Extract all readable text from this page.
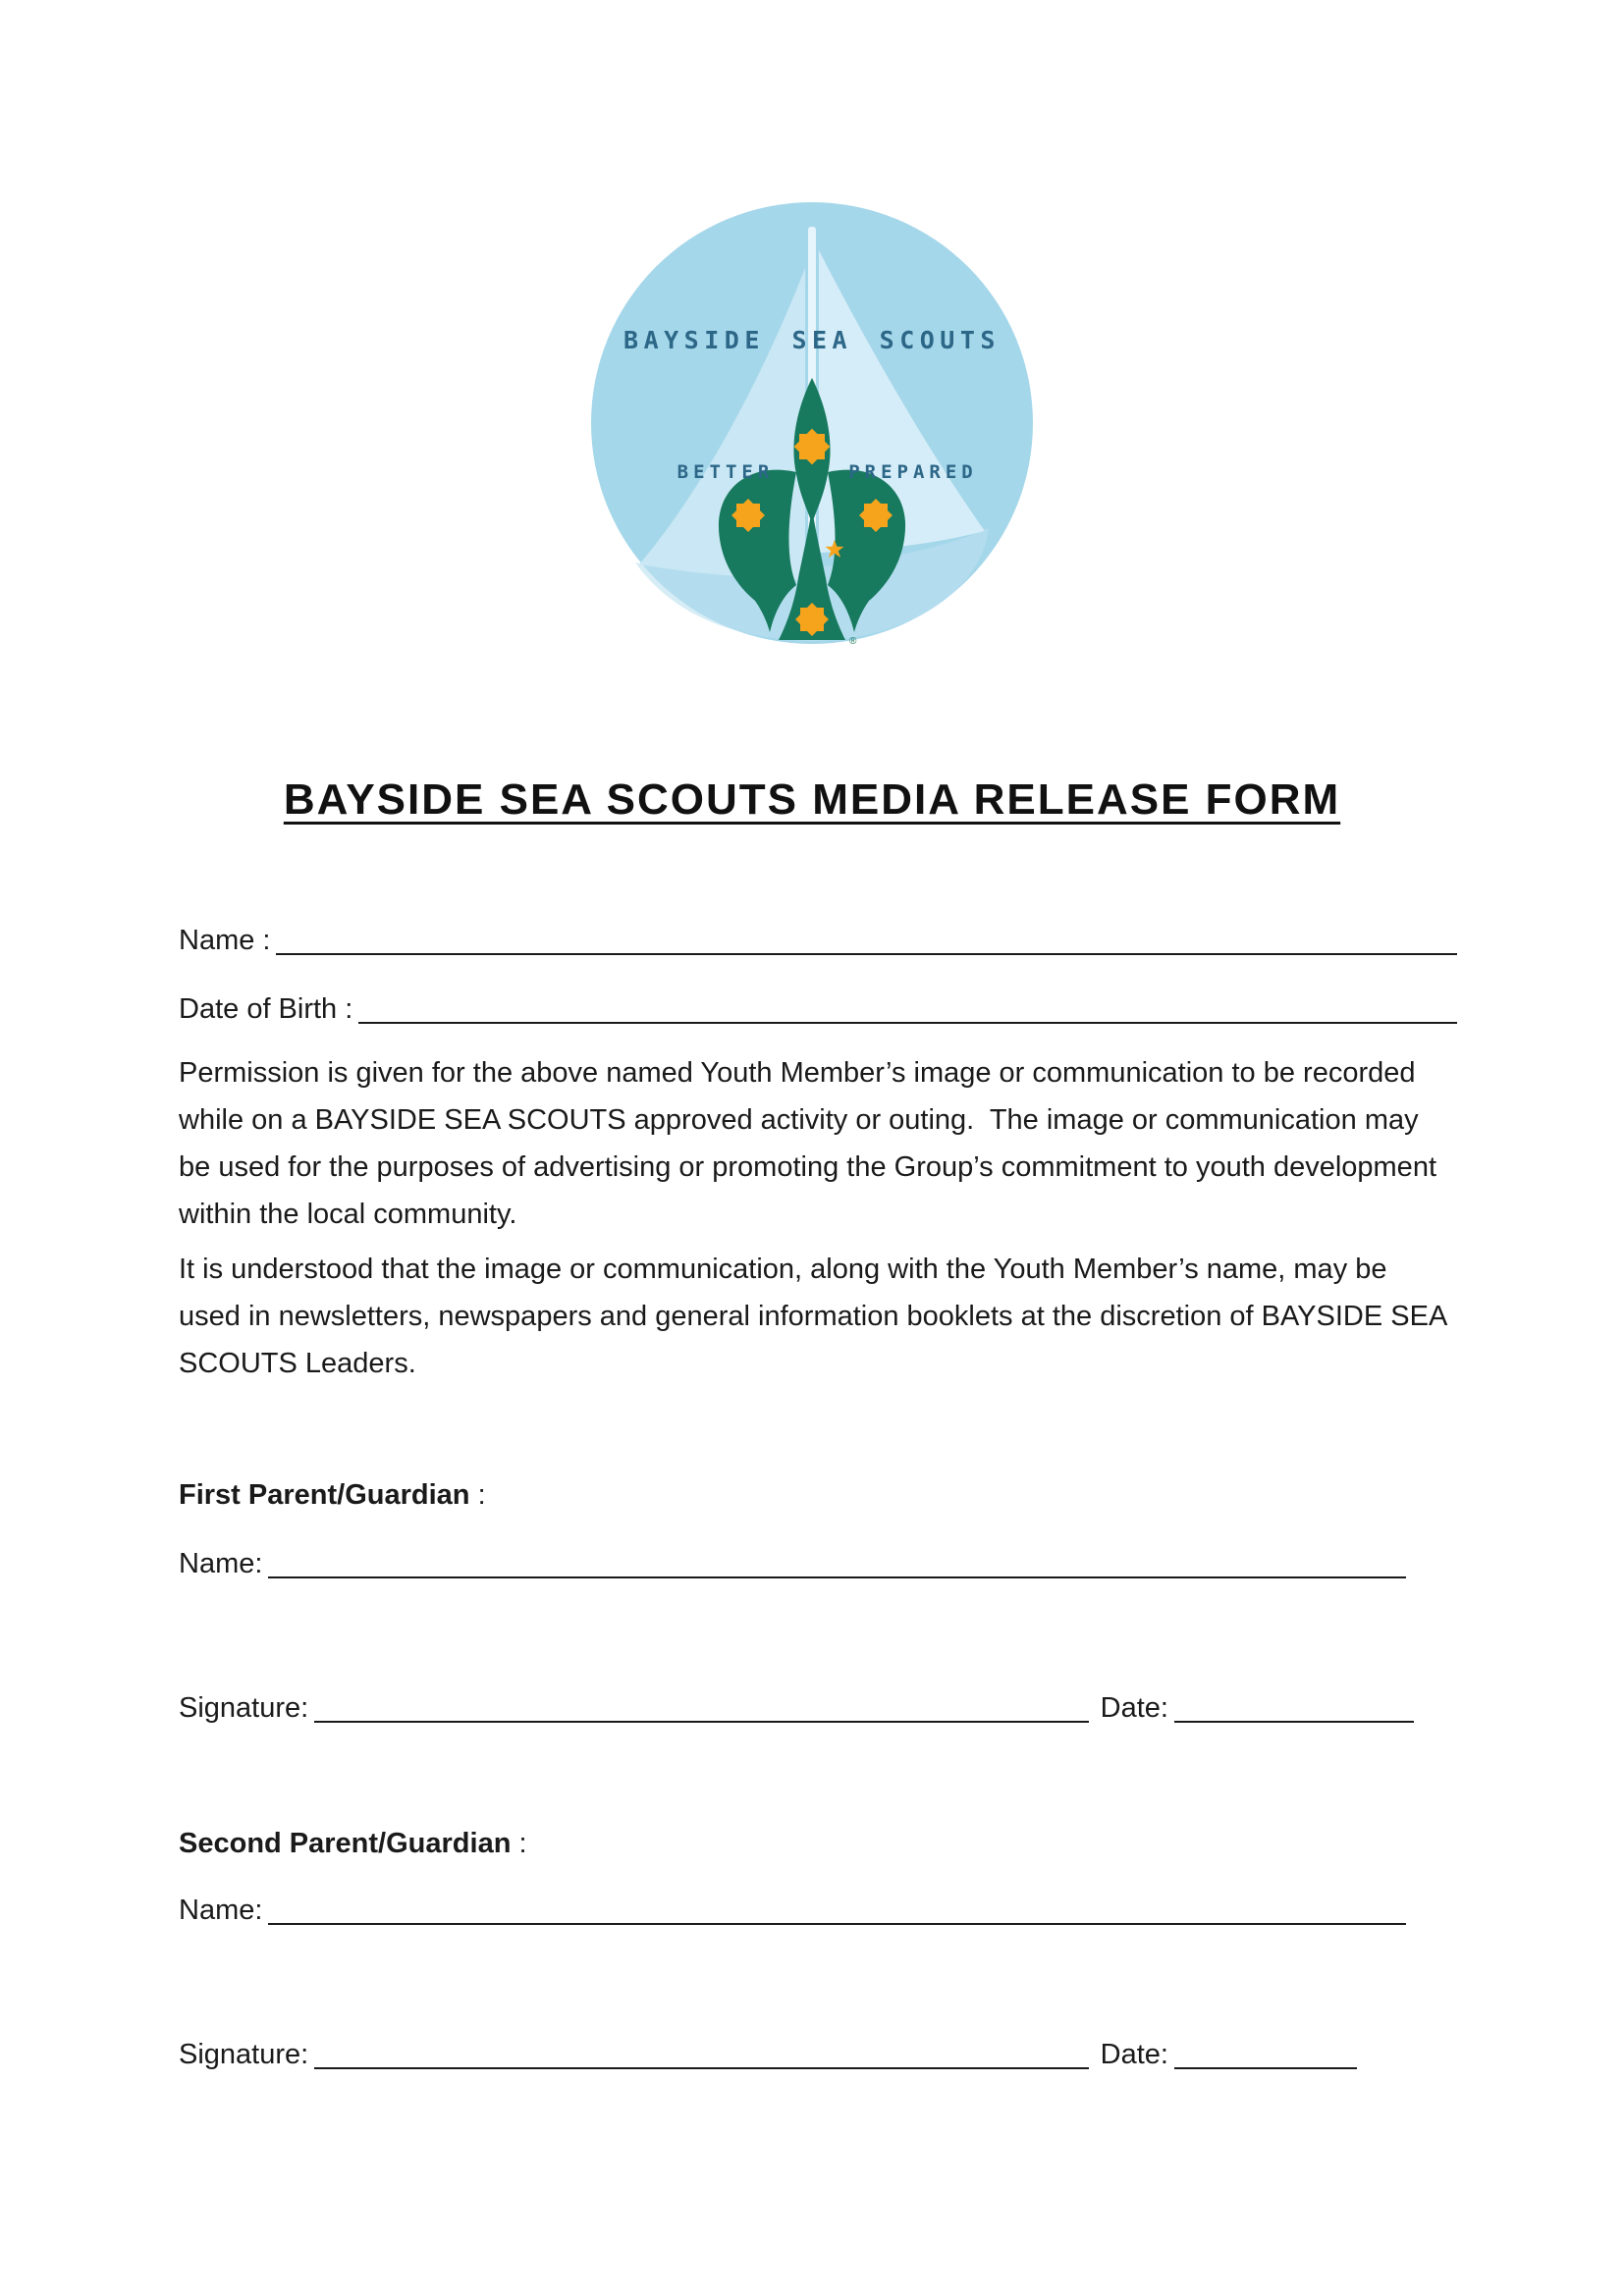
BAYSIDE SEA SCOUTS
BETTER	PREPARED
®
BAYSIDE SEA SCOUTS MEDIA RELEASE FORM
Name :
Date of Birth :

Permission is given for the above named Youth Member’s image or communication to be recorded while on a BAYSIDE SEA SCOUTS approved activity or outing.  The image or communication may be used for the purposes of advertising or promoting the Group’s commitment to youth development within the local community.

It is understood that the image or communication, along with the Youth Member’s name, may be used in newsletters, newspapers and general information booklets at the discretion of BAYSIDE SEA SCOUTS Leaders.

First Parent/Guardian :
Name:
Signature:	Date:
Second Parent/Guardian :
Name:
Signature:	Date:
